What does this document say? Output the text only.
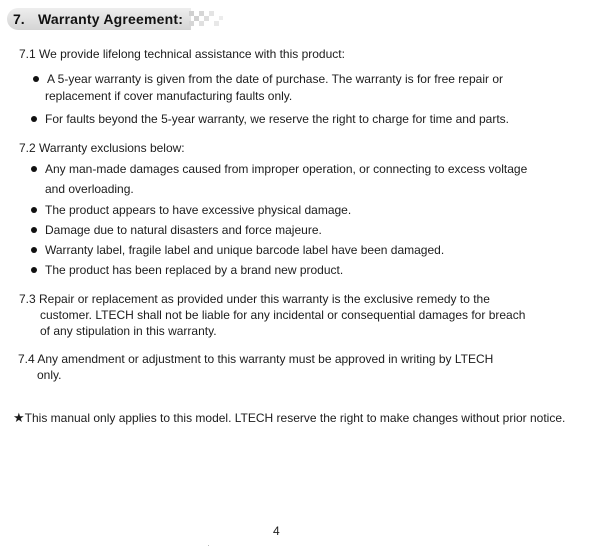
7. Warranty Agreement:
7.1 We provide lifelong technical assistance with this product:
A 5-year warranty is given from the date of purchase. The warranty is for free repair or
replacement if cover manufacturing faults only.
For faults beyond the 5-year warranty, we reserve the right to charge for time and parts.
7.2 Warranty exclusions below:
Any man-made damages caused from improper operation, or connecting to excess voltage
and overloading.
The product appears to have excessive physical damage.
Damage due to natural disasters and force majeure.
Warranty label, fragile label and unique barcode label have been damaged.
The product has been replaced by a brand new product.
7.3 Repair or replacement as provided under this warranty is the exclusive remedy to the
customer. LTECH shall not be liable for any incidental or consequential damages for breach
of any stipulation in this warranty.
7.4 Any amendment or adjustment to this warranty must be approved in writing by LTECH
only.
★This manual only applies to this model. LTECH reserve the right to make changes without prior notice.
4
